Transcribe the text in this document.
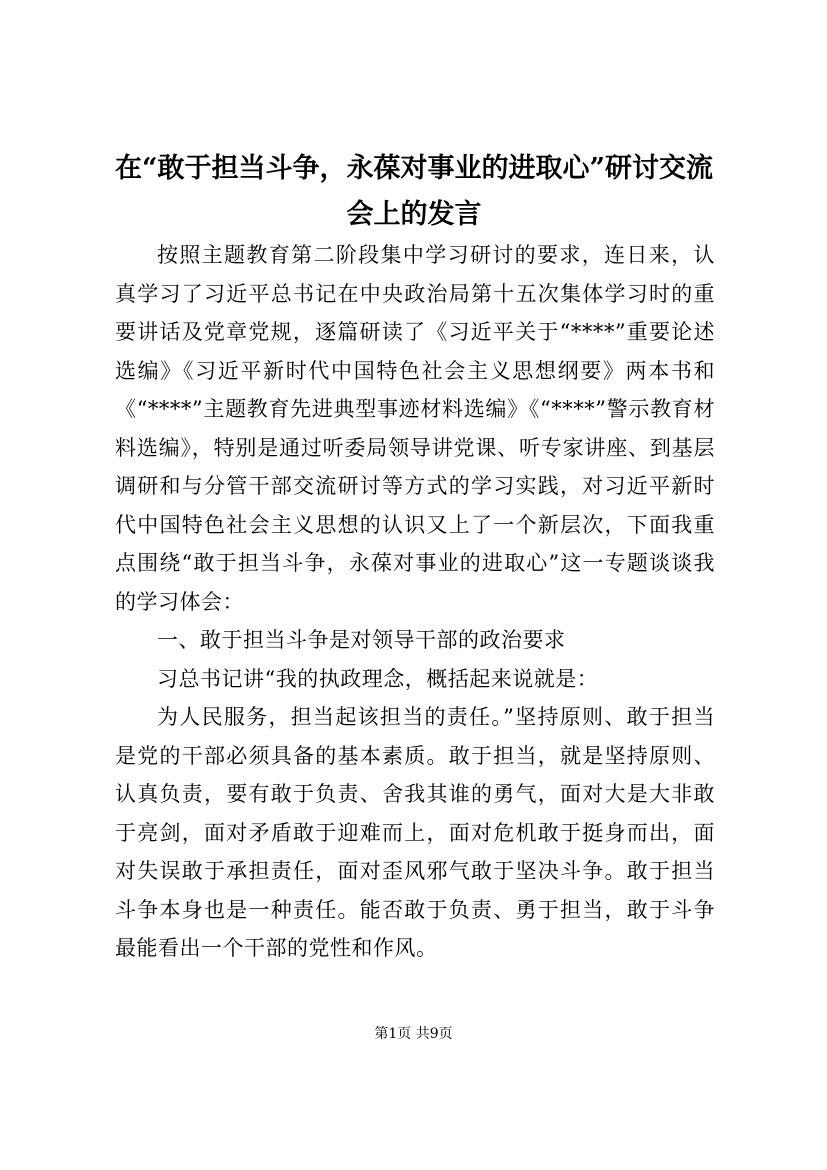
在“敢于担当斗争，永葆对事业的进取心”研讨交流会上的发言

按照主题教育第二阶段集中学习研讨的要求，连日来，认真学习了习近平总书记在中央政治局第十五次集体学习时的重要讲话及党章党规，逐篇研读了《习近平关于“****”重要论述选编》《习近平新时代中国特色社会主义思想纲要》两本书和《“****”主题教育先进典型事迹材料选编》《“****”警示教育材料选编》，特别是通过听委局领导讲党课、听专家讲座、到基层调研和与分管干部交流研讨等方式的学习实践，对习近平新时代中国特色社会主义思想的认识又上了一个新层次，下面我重点围绕“敢于担当斗争，永葆对事业的进取心”这一专题谈谈我的学习体会：

一、敢于担当斗争是对领导干部的政治要求

习总书记讲“我的执政理念，概括起来说就是：

为人民服务，担当起该担当的责任。”坚持原则、敢于担当是党的干部必须具备的基本素质。敢于担当，就是坚持原则、认真负责，要有敢于负责、舍我其谁的勇气，面对大是大非敢于亮剑，面对矛盾敢于迎难而上，面对危机敢于挺身而出，面对失误敢于承担责任，面对歪风邪气敢于坚决斗争。敢于担当斗争本身也是一种责任。能否敢于负责、勇于担当，敢于斗争最能看出一个干部的党性和作风。

第1页 共9页
